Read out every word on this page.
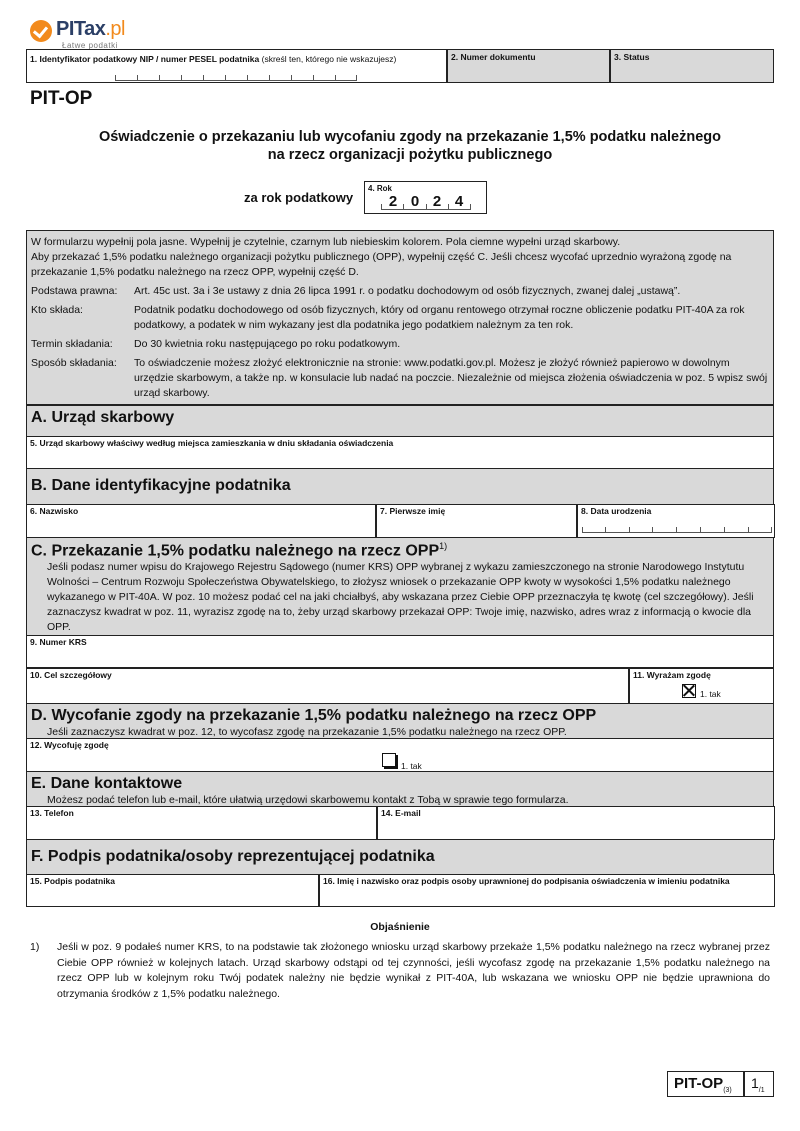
PITax.pl
Łatwe podatki
1. Identyfikator podatkowy NIP / numer PESEL podatnika (skreśl ten, którego nie wskazujesz)	2. Numer dokumentu	3. Status
PIT-OP
Oświadczenie o przekazaniu lub wycofaniu zgody na przekazanie 1,5% podatku należnego
na rzecz organizacji pożytku publicznego
za rok podatkowy
4. Rok
2 0 2 4
W formularzu wypełnij pola jasne. Wypełnij je czytelnie, czarnym lub niebieskim kolorem. Pola ciemne wypełni urząd skarbowy.
Aby przekazać 1,5% podatku należnego organizacji pożytku publicznego (OPP), wypełnij część C. Jeśli chcesz wycofać uprzednio wyrażoną zgodę na przekazanie 1,5% podatku należnego na rzecz OPP, wypełnij część D.
Podstawa prawna:	Art. 45c ust. 3a i 3e ustawy z dnia 26 lipca 1991 r. o podatku dochodowym od osób fizycznych, zwanej dalej „ustawą”.
Kto składa:	Podatnik podatku dochodowego od osób fizycznych, który od organu rentowego otrzymał roczne obliczenie podatku PIT-40A za rok podatkowy, a podatek w nim wykazany jest dla podatnika jego podatkiem należnym za ten rok.
Termin składania:	Do 30 kwietnia roku następującego po roku podatkowym.
Sposób składania:	To oświadczenie możesz złożyć elektronicznie na stronie: www.podatki.gov.pl. Możesz je złożyć również papierowo w dowolnym urzędzie skarbowym, a także np. w konsulacie lub nadać na poczcie. Niezależnie od miejsca złożenia oświadczenia w poz. 5 wpisz swój urząd skarbowy.
A. Urząd skarbowy
5. Urząd skarbowy właściwy według miejsca zamieszkania w dniu składania oświadczenia
B. Dane identyfikacyjne podatnika
6. Nazwisko	7. Pierwsze imię	8. Data urodzenia
C. Przekazanie 1,5% podatku należnego na rzecz OPP$^{1)}$
Jeśli podasz numer wpisu do Krajowego Rejestru Sądowego (numer KRS) OPP wybranej z wykazu zamieszczonego na stronie Narodowego Instytutu Wolności – Centrum Rozwoju Społeczeństwa Obywatelskiego, to złożysz wniosek o przekazanie OPP kwoty w wysokości 1,5% podatku należnego wykazanego w PIT-40A. W poz. 10 możesz podać cel na jaki chciałbyś, aby wskazana przez Ciebie OPP przeznaczyła tę kwotę (cel szczegółowy). Jeśli zaznaczysz kwadrat w poz. 11, wyrazisz zgodę na to, żeby urząd skarbowy przekazał OPP: Twoje imię, nazwisko, adres wraz z informacją o kwocie dla OPP.
9. Numer KRS
10. Cel szczegółowy	11. Wyrażam zgodę
1. tak
D. Wycofanie zgody na przekazanie 1,5% podatku należnego na rzecz OPP
Jeśli zaznaczysz kwadrat w poz. 12, to wycofasz zgodę na przekazanie 1,5% podatku należnego na rzecz OPP.
12. Wycofuję zgodę
1. tak
E. Dane kontaktowe
Możesz podać telefon lub e-mail, które ułatwią urzędowi skarbowemu kontakt z Tobą w sprawie tego formularza.
13. Telefon	14. E-mail
F. Podpis podatnika/osoby reprezentującej podatnika
15. Podpis podatnika	16. Imię i nazwisko oraz podpis osoby uprawnionej do podpisania oświadczenia w imieniu podatnika
Objaśnienie
1)	Jeśli w poz. 9 podałeś numer KRS, to na podstawie tak złożonego wniosku urząd skarbowy przekaże 1,5% podatku należnego na rzecz wybranej przez Ciebie OPP również w kolejnych latach. Urząd skarbowy odstąpi od tej czynności, jeśli wycofasz zgodę na przekazanie 1,5% podatku należnego na rzecz OPP lub w kolejnym roku Twój podatek należny nie będzie wynikał z PIT-40A, lub wskazana we wniosku OPP nie będzie uprawniona do otrzymania środków z 1,5% podatku należnego.
PIT-$OP_{(3)}$	$1_{/1}$
